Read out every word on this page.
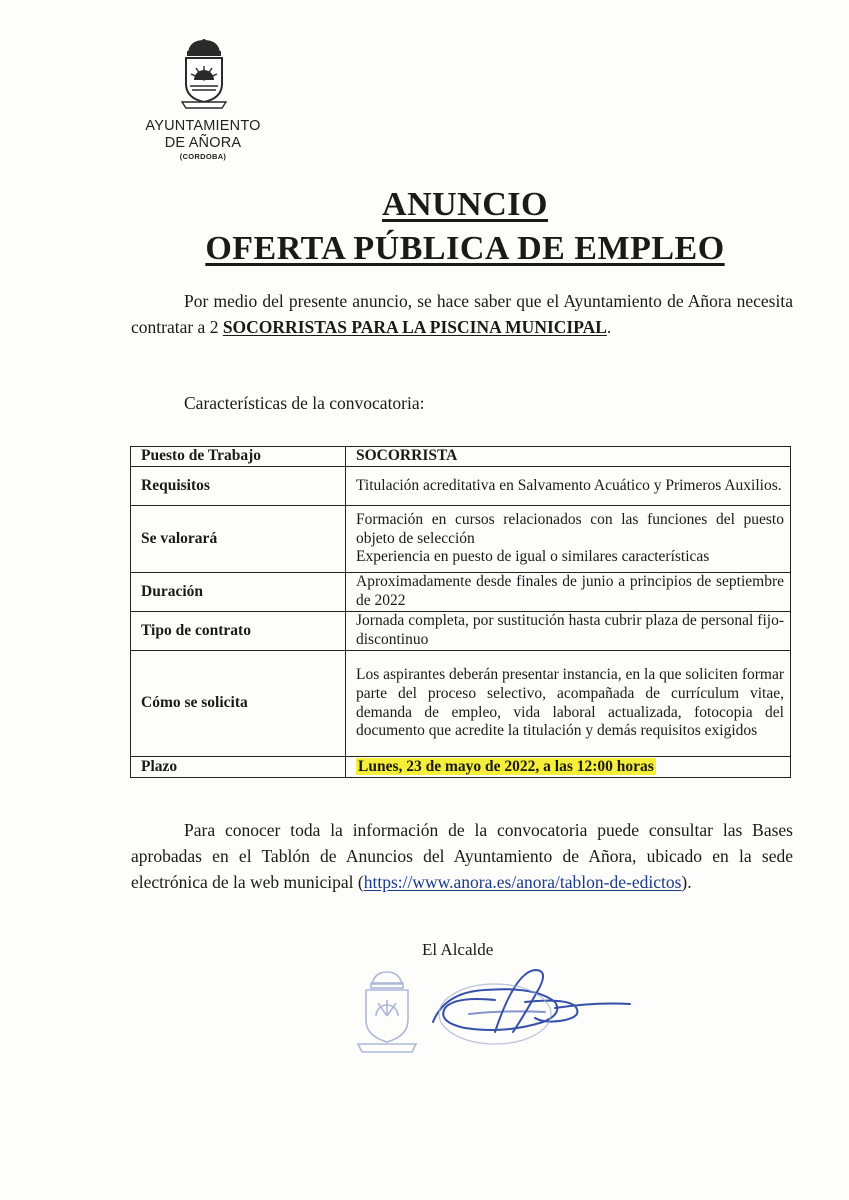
AYUNTAMIENTO
DE AÑORA
(CORDOBA)
ANUNCIO
OFERTA PÚBLICA DE EMPLEO

Por medio del presente anuncio, se hace saber que el Ayuntamiento de Añora necesita contratar a 2 SOCORRISTAS PARA LA PISCINA MUNICIPAL.

Características de la convocatoria:
Puesto de Trabajo	SOCORRISTA
Requisitos	Titulación acreditativa en Salvamento Acuático y Primeros Auxilios.
Se valorará	Formación en cursos relacionados con las funciones del puesto objeto de selección
Experiencia en puesto de igual o similares características

Duración	Aproximadamente desde finales de junio a principios de septiembre de 2022
Tipo de contrato	Jornada completa, por sustitución hasta cubrir plaza de personal fijo-discontinuo
Cómo se solicita	Los aspirantes deberán presentar instancia, en la que soliciten formar parte del proceso selectivo, acompañada de currículum vitae, demanda de empleo, vida laboral actualizada, fotocopia del documento que acredite la titulación y demás requisitos exigidos
Plazo	Lunes, 23 de mayo de 2022, a las 12:00 horas

Para conocer toda la información de la convocatoria puede consultar las Bases aprobadas en el Tablón de Anuncios del Ayuntamiento de Añora, ubicado en la sede electrónica de la web municipal (https://www.anora.es/anora/tablon-de-edictos).

El Alcalde
